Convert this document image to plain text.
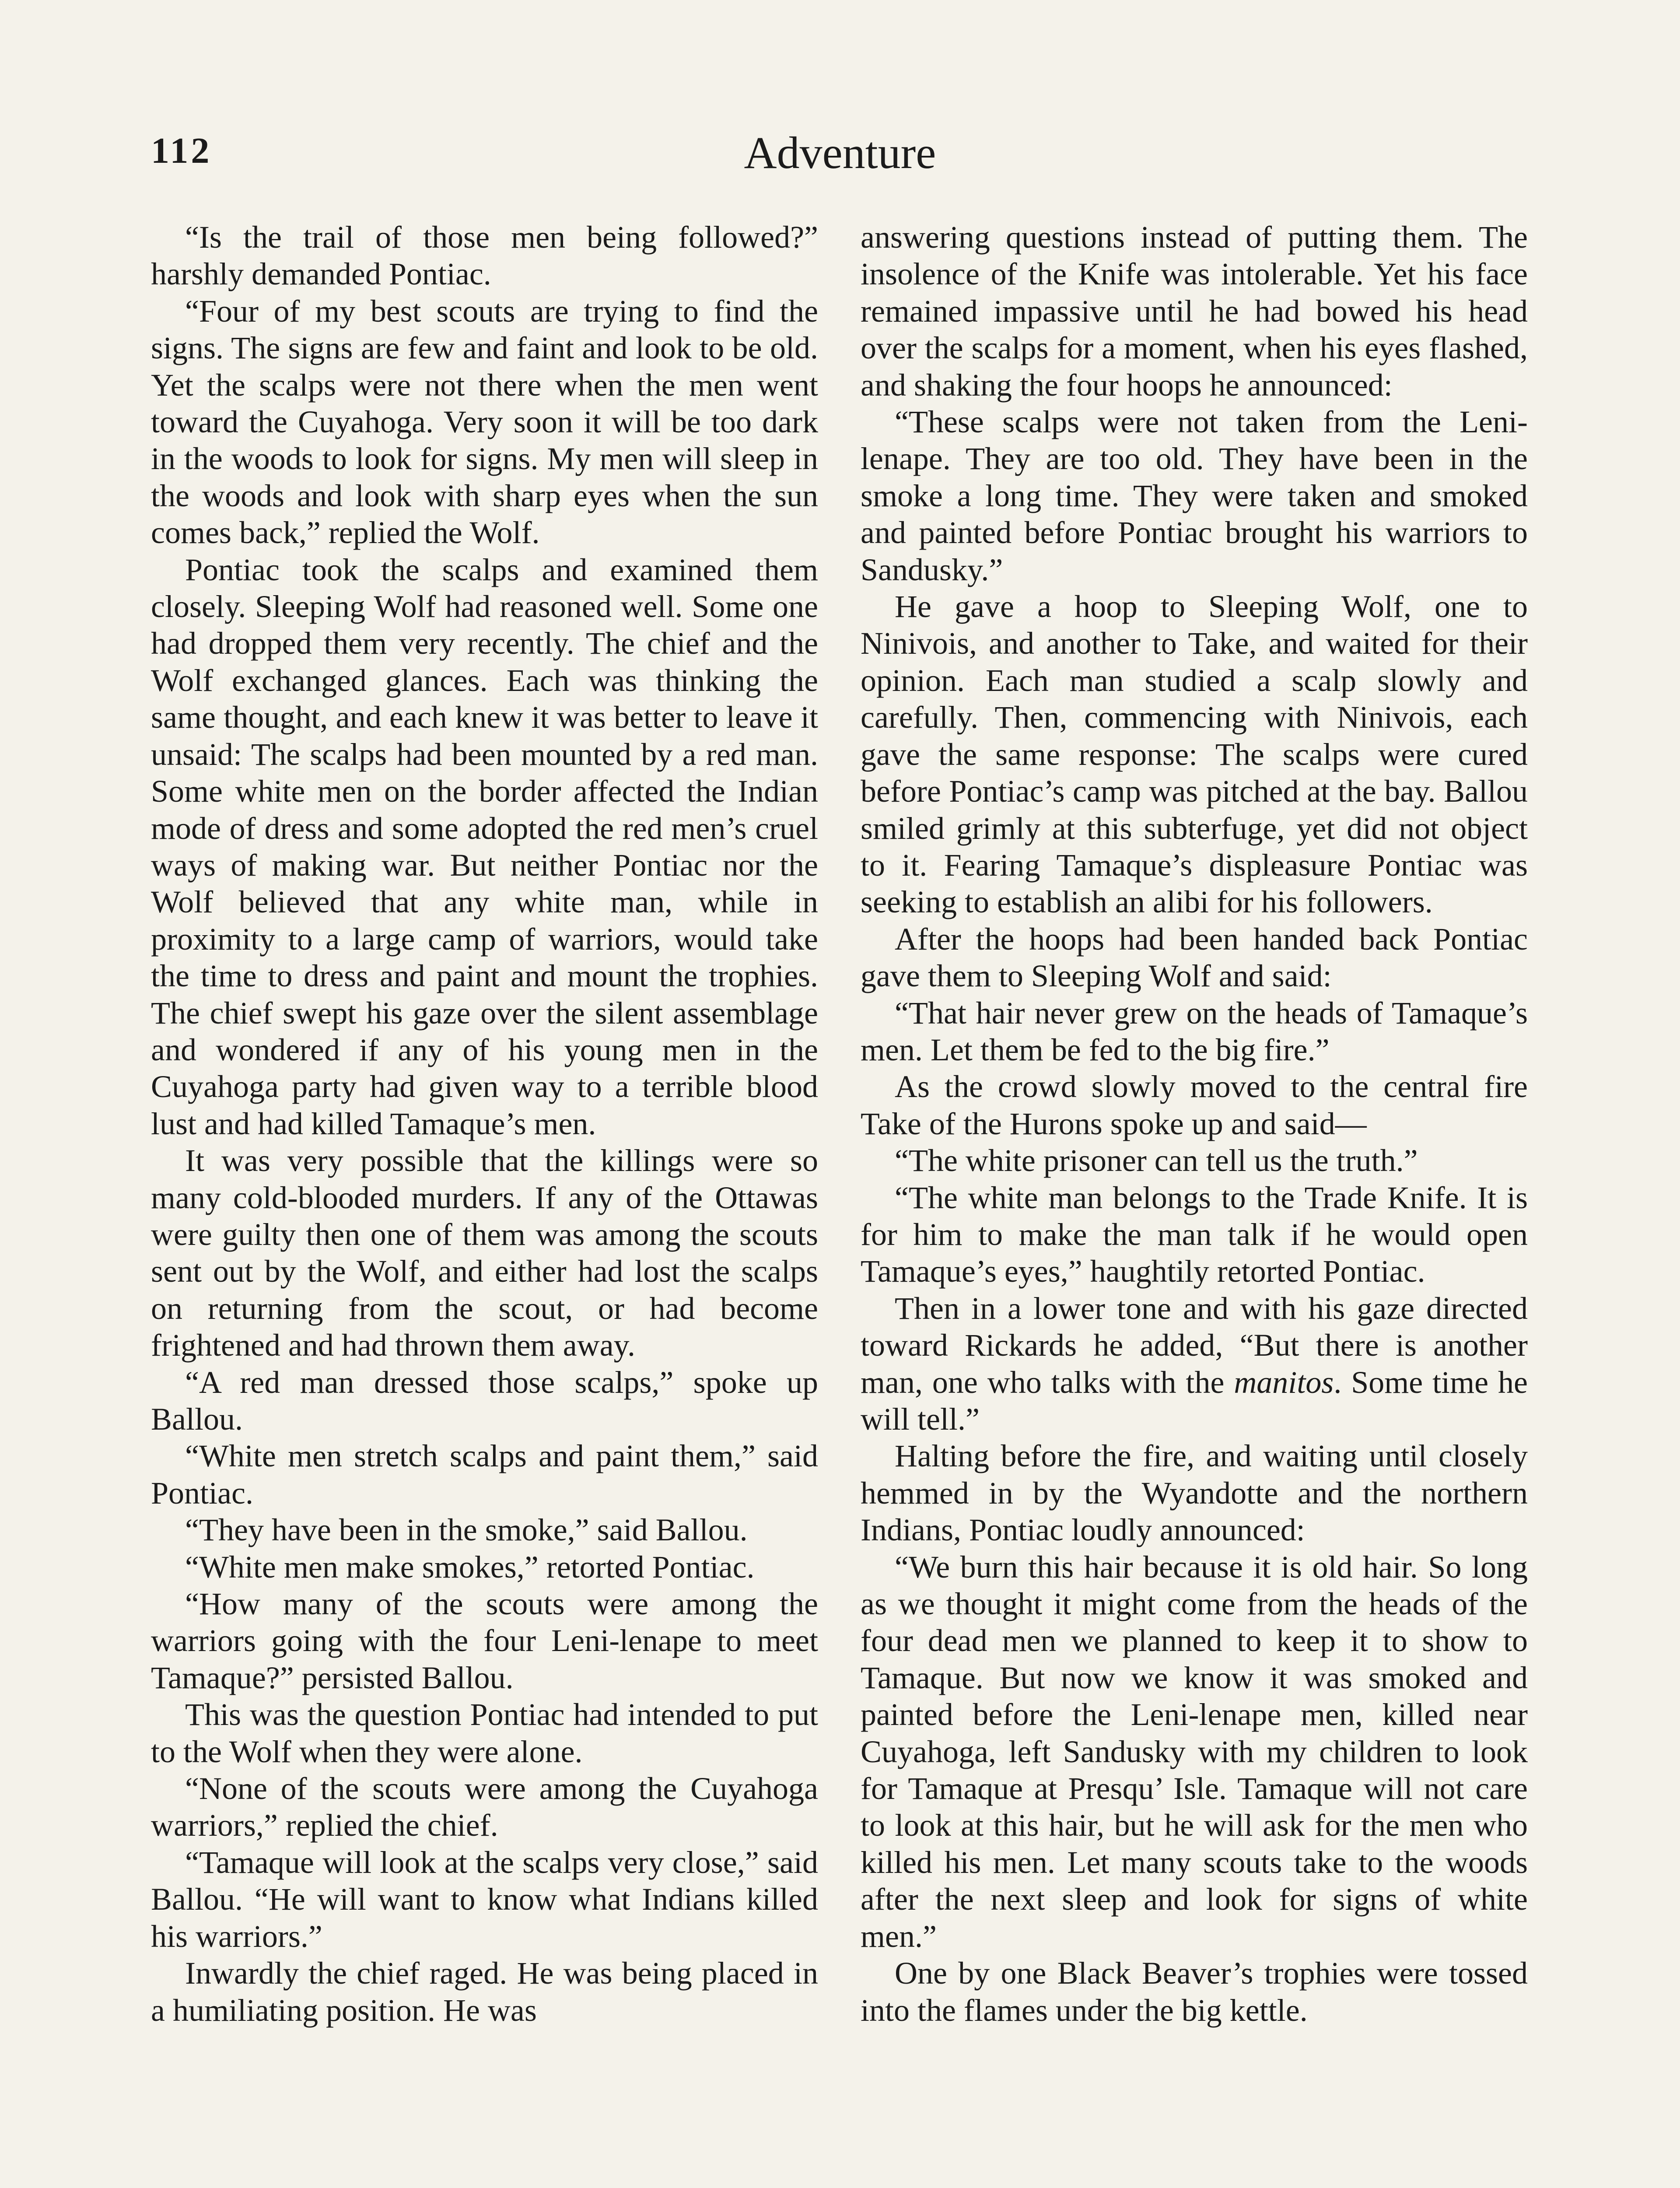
112	Adventure

“Is the trail of those men being followed?” harshly demanded Pontiac.

“Four of my best scouts are trying to find the signs. The signs are few and faint and look to be old. Yet the scalps were not there when the men went toward the Cuyahoga. Very soon it will be too dark in the woods to look for signs. My men will sleep in the woods and look with sharp eyes when the sun comes back,” replied the Wolf.

Pontiac took the scalps and examined them closely. Sleeping Wolf had reasoned well. Some one had dropped them very recently. The chief and the Wolf exchanged glances. Each was thinking the same thought, and each knew it was better to leave it unsaid: The scalps had been mounted by a red man. Some white men on the border affected the Indian mode of dress and some adopted the red men’s cruel ways of making war. But neither Pontiac nor the Wolf believed that any white man, while in proximity to a large camp of warriors, would take the time to dress and paint and mount the trophies. The chief swept his gaze over the silent assemblage and wondered if any of his young men in the Cuyahoga party had given way to a terrible blood lust and had killed Tamaque’s men.

It was very possible that the killings were so many cold-blooded murders. If any of the Ottawas were guilty then one of them was among the scouts sent out by the Wolf, and either had lost the scalps on returning from the scout, or had become frightened and had thrown them away.

“A red man dressed those scalps,” spoke up Ballou.

“White men stretch scalps and paint them,” said Pontiac.

“They have been in the smoke,” said Ballou.

“White men make smokes,” retorted Pontiac.

“How many of the scouts were among the warriors going with the four Leni-lenape to meet Tamaque?” persisted Ballou.

This was the question Pontiac had intended to put to the Wolf when they were alone.

“None of the scouts were among the Cuyahoga warriors,” replied the chief.

“Tamaque will look at the scalps very close,” said Ballou. “He will want to know what Indians killed his warriors.”

Inwardly the chief raged. He was being placed in a humiliating position. He was

answering questions instead of putting them. The insolence of the Knife was intolerable. Yet his face remained impassive until he had bowed his head over the scalps for a moment, when his eyes flashed, and shaking the four hoops he announced:

“These scalps were not taken from the Leni-lenape. They are too old. They have been in the smoke a long time. They were taken and smoked and painted before Pontiac brought his warriors to Sandusky.”

He gave a hoop to Sleeping Wolf, one to Ninivois, and another to Take, and waited for their opinion. Each man studied a scalp slowly and carefully. Then, commencing with Ninivois, each gave the same response: The scalps were cured before Pontiac’s camp was pitched at the bay. Ballou smiled grimly at this subterfuge, yet did not object to it. Fearing Tamaque’s displeasure Pontiac was seeking to establish an alibi for his followers.

After the hoops had been handed back Pontiac gave them to Sleeping Wolf and said:

“That hair never grew on the heads of Tamaque’s men. Let them be fed to the big fire.”

As the crowd slowly moved to the central fire Take of the Hurons spoke up and said—

“The white prisoner can tell us the truth.”

“The white man belongs to the Trade Knife. It is for him to make the man talk if he would open Tamaque’s eyes,” haughtily retorted Pontiac.

Then in a lower tone and with his gaze directed toward Rickards he added, “But there is another man, one who talks with the manitos. Some time he will tell.”

Halting before the fire, and waiting until closely hemmed in by the Wyandotte and the northern Indians, Pontiac loudly announced:

“We burn this hair because it is old hair. So long as we thought it might come from the heads of the four dead men we planned to keep it to show to Tamaque. But now we know it was smoked and painted before the Leni-lenape men, killed near Cuyahoga, left Sandusky with my children to look for Tamaque at Presqu’ Isle. Tamaque will not care to look at this hair, but he will ask for the men who killed his men. Let many scouts take to the woods after the next sleep and look for signs of white men.”

One by one Black Beaver’s trophies were tossed into the flames under the big kettle.
